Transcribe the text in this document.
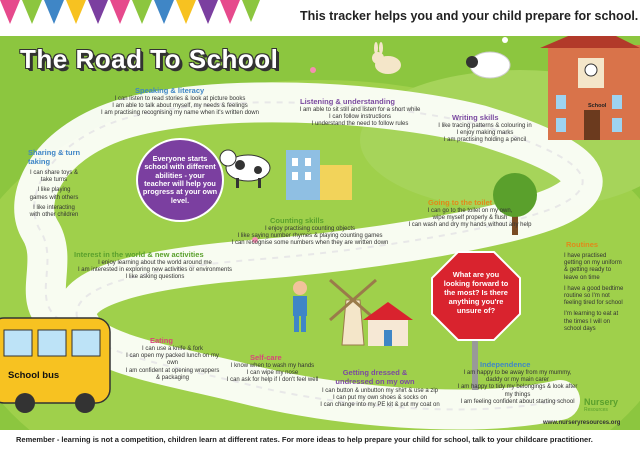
This tracker helps you and your child prepare for school.
The Road To School
Speaking & literacy
I can listen to read stories & look at picture books
I am able to talk about myself, my needs & feelings
I am practising recognising my name when it's written down
Listening & understanding
I am able to sit still and listen for a short while
I can follow instructions
I understand the need to follow rules
Writing skills
I like tracing patterns & colouring in
I enjoy making marks
I am practising holding a pencil
Sharing & turn taking
I can share toys & take turns
I like playing games with others
I like interacting with other children
Everyone starts school with different abilities - your teacher will help you progress at your own level.
Counting skills
I enjoy practising counting objects
I like saying number rhymes & playing counting games
I can recognise some numbers when they are written down
Going to the toilet
I can go to the toilet on my own,
wipe myself properly & flush
I can wash and dry my hands without any help
Interest in the world & new activities
I enjoy learning about the world around me
I am interested in exploring new activities or environments
I like asking questions
Routines
I have practised getting on my uniform & getting ready to leave on time
I have a good bedtime routine so I'm not feeling tired for school
I'm learning to eat at the times I will on school days
What are you looking forward to the most? Is there anything you're unsure of?
Eating
I can use a knife & fork
I can open my packed lunch on my own
I am confident at opening wrappers & packaging
Self-care
I know when to wash my hands
I can wipe my nose
I can ask for help if I don't feel well
Getting dressed & undressed on my own
I can button & unbutton my shirt & use a zip
I can put my own shoes & socks on
I can change into my PE kit & put my coat on
Independence
I am happy to be away from my mummy, daddy or my main carer
I am happy to tidy my belongings & look after my things
I am feeling confident about starting school
School
School bus
Nursery
Resources
www.nurseryresources.org
Remember - learning is not a competition, children learn at different rates. For more ideas to help prepare your child for school, talk to your childcare practitioner.
